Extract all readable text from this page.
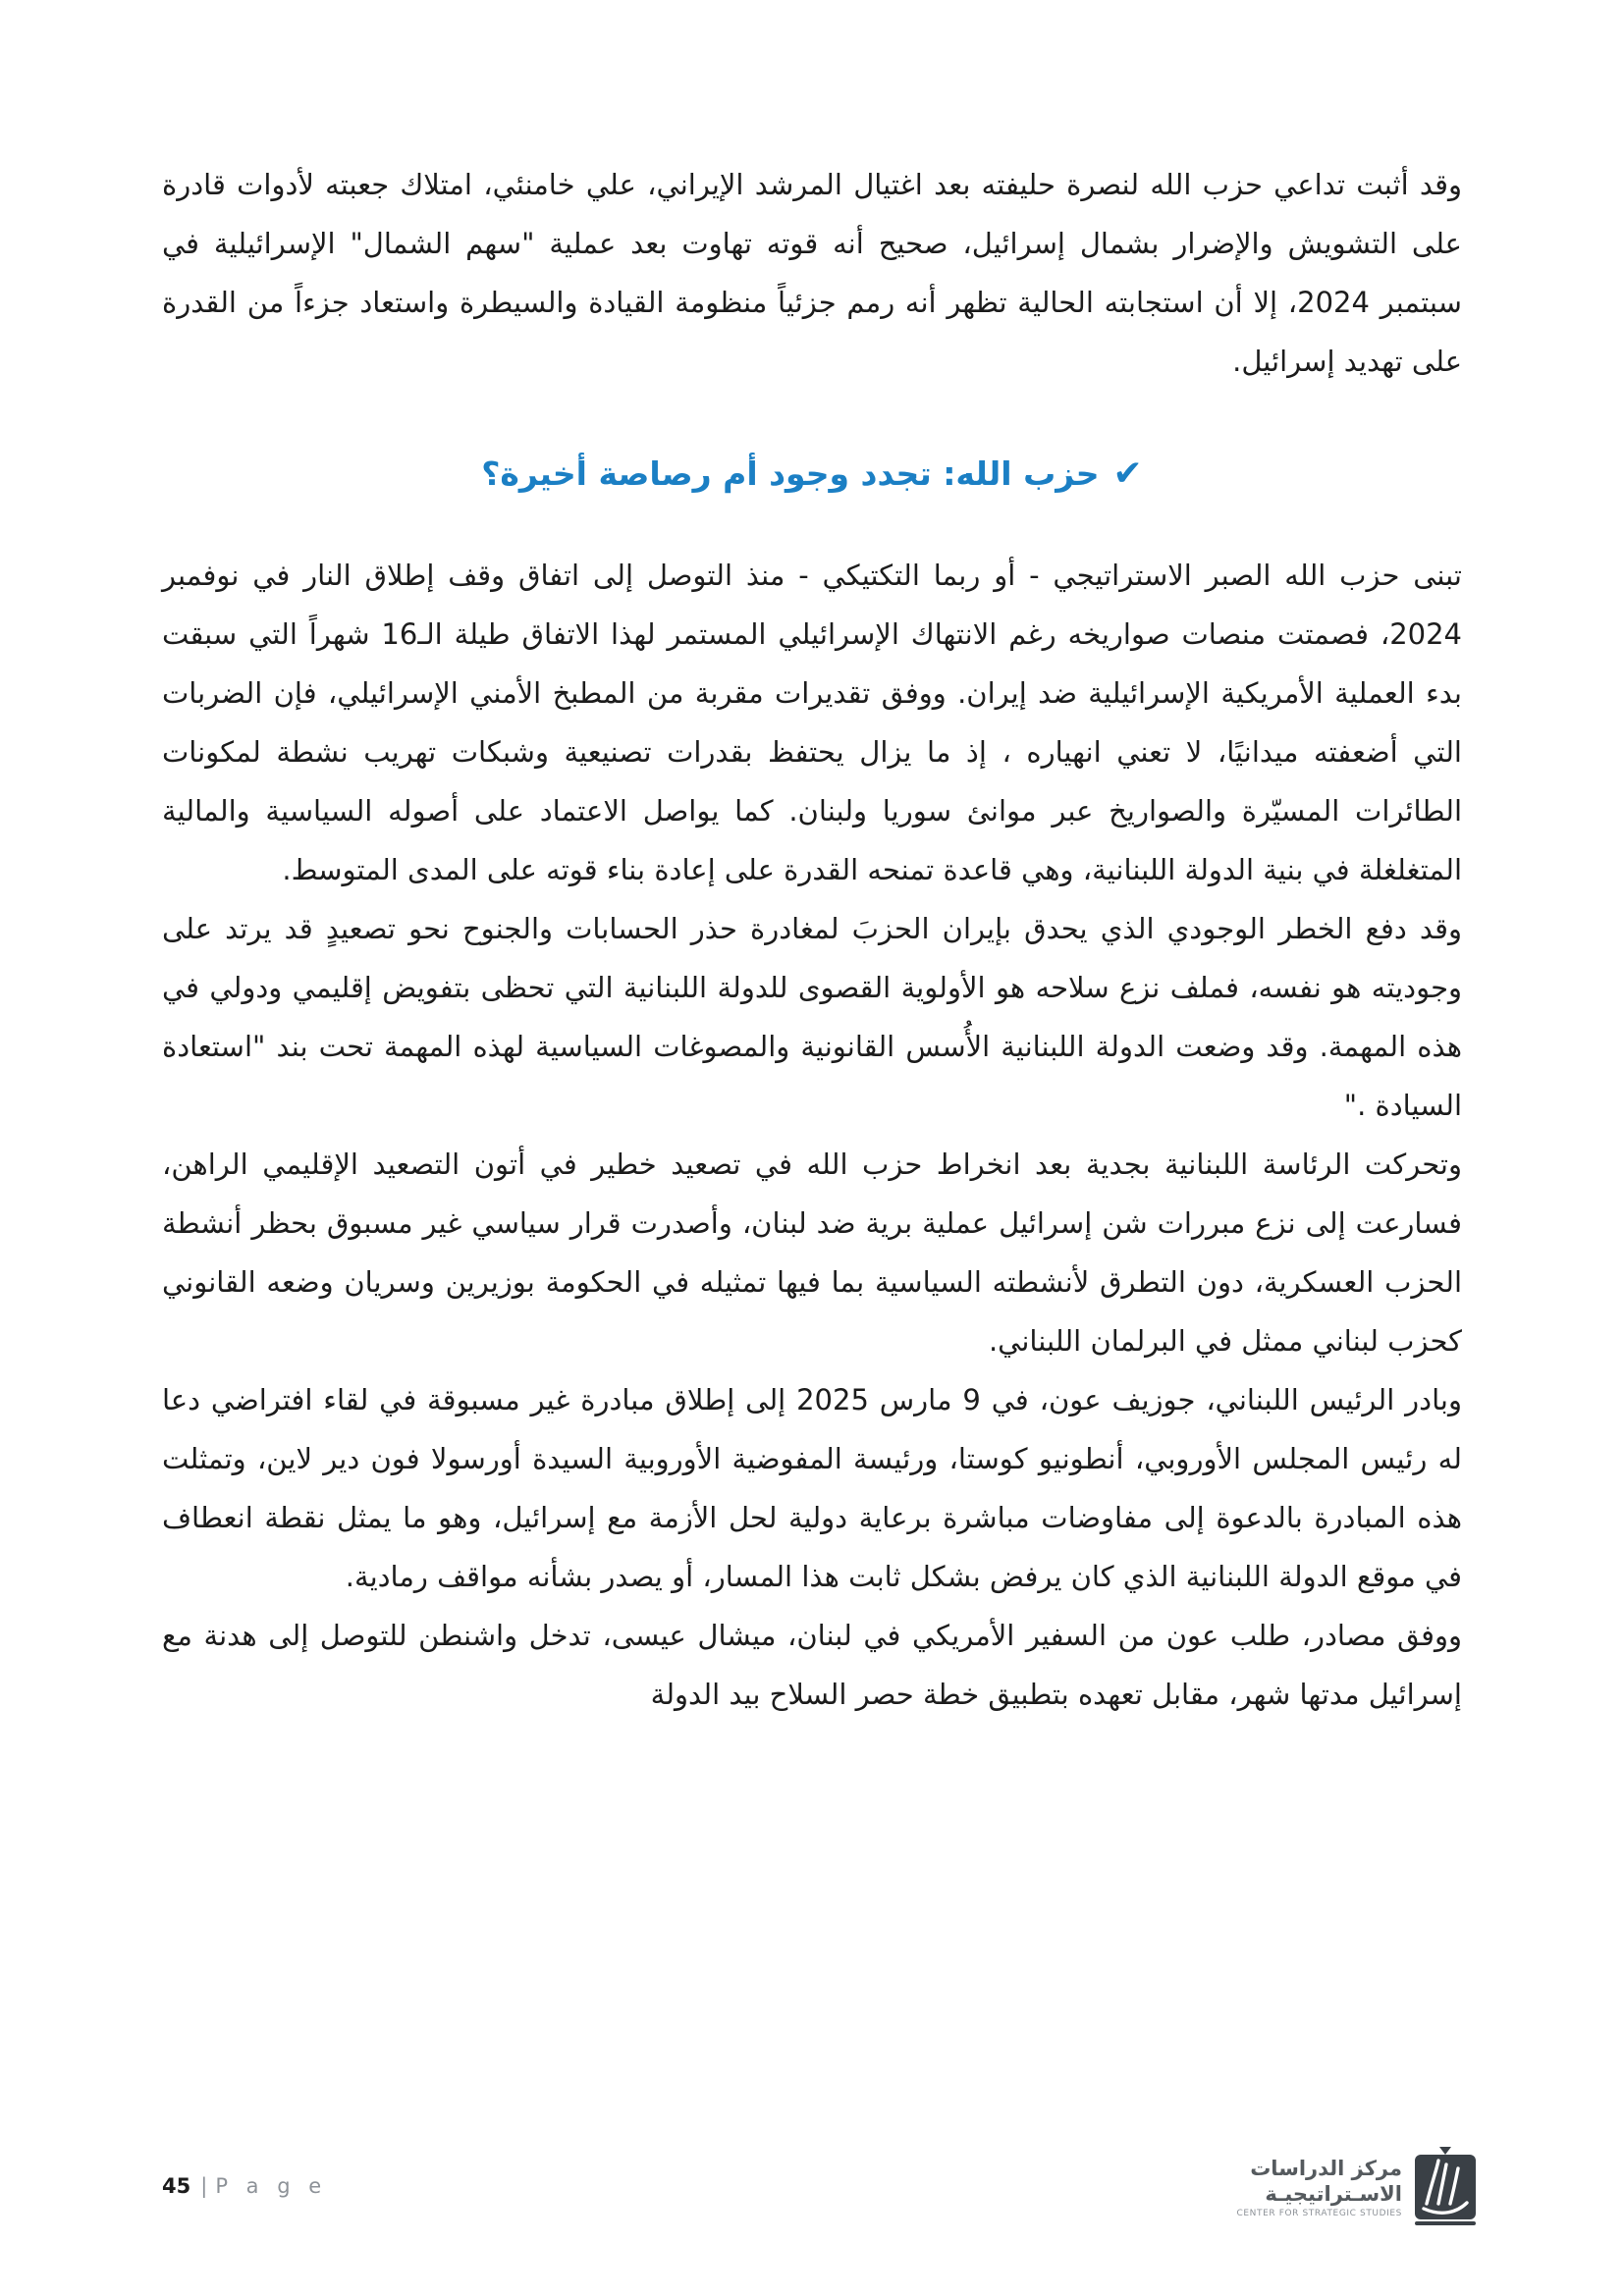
وقد أثبت تداعي حزب الله لنصرة حليفته بعد اغتيال المرشد الإيراني، علي خامنئي، امتلاك جعبته لأدوات قادرة على التشويش والإضرار بشمال إسرائيل، صحيح أنه قوته تهاوت بعد عملية "سهم الشمال" الإسرائيلية في سبتمبر 2024، إلا أن استجابته الحالية تظهر أنه رمم جزئياً منظومة القيادة والسيطرة واستعاد جزءاً من القدرة على تهديد إسرائيل.

✔حزب الله: تجدد وجود أم رصاصة أخيرة؟

تبنى حزب الله الصبر الاستراتيجي - أو ربما التكتيكي - منذ التوصل إلى اتفاق وقف إطلاق النار في نوفمبر 2024، فصمتت منصات صواريخه رغم الانتهاك الإسرائيلي المستمر لهذا الاتفاق طيلة الـ16 شهراً التي سبقت بدء العملية الأمريكية الإسرائيلية ضد إيران. ووفق تقديرات مقربة من المطبخ الأمني الإسرائيلي، فإن الضربات التي أضعفته ميدانيًا، لا تعني انهياره ، إذ ما يزال يحتفظ بقدرات تصنيعية وشبكات تهريب نشطة لمكونات الطائرات المسيّرة والصواريخ عبر موانئ سوريا ولبنان. كما يواصل الاعتماد على أصوله السياسية والمالية المتغلغلة في بنية الدولة اللبنانية، وهي قاعدة تمنحه القدرة على إعادة بناء قوته على المدى المتوسط.

وقد دفع الخطر الوجودي الذي يحدق بإيران الحزبَ لمغادرة حذر الحسابات والجنوح نحو تصعيدٍ قد يرتد على وجوديته هو نفسه، فملف نزع سلاحه هو الأولوية القصوى للدولة اللبنانية التي تحظى بتفويض إقليمي ودولي في هذه المهمة. وقد وضعت الدولة اللبنانية الأُسس القانونية والمصوغات السياسية لهذه المهمة تحت بند "استعادة السيادة ."

وتحركت الرئاسة اللبنانية بجدية بعد انخراط حزب الله في تصعيد خطير في أتون التصعيد الإقليمي الراهن، فسارعت إلى نزع مبررات شن إسرائيل عملية برية ضد لبنان، وأصدرت قرار سياسي غير مسبوق بحظر أنشطة الحزب العسكرية، دون التطرق لأنشطته السياسية بما فيها تمثيله في الحكومة بوزيرين وسريان وضعه القانوني كحزب لبناني ممثل في البرلمان اللبناني.

وبادر الرئيس اللبناني، جوزيف عون، في 9 مارس 2025 إلى إطلاق مبادرة غير مسبوقة في لقاء افتراضي دعا له رئيس المجلس الأوروبي، أنطونيو كوستا، ورئيسة المفوضية الأوروبية السيدة أورسولا فون دير لاين، وتمثلت هذه المبادرة بالدعوة إلى مفاوضات مباشرة برعاية دولية لحل الأزمة مع إسرائيل، وهو ما يمثل نقطة انعطاف في موقع الدولة اللبنانية الذي كان يرفض بشكل ثابت هذا المسار، أو يصدر بشأنه مواقف رمادية.

ووفق مصادر، طلب عون من السفير الأمريكي في لبنان، ميشال عيسى، تدخل واشنطن للتوصل إلى هدنة مع إسرائيل مدتها شهر، مقابل تعهده بتطبيق خطة حصر السلاح بيد الدولة

45 | P a g e
مركز الدراسات
الاسـتراتيجيـة
CENTER FOR STRATEGIC STUDIES
